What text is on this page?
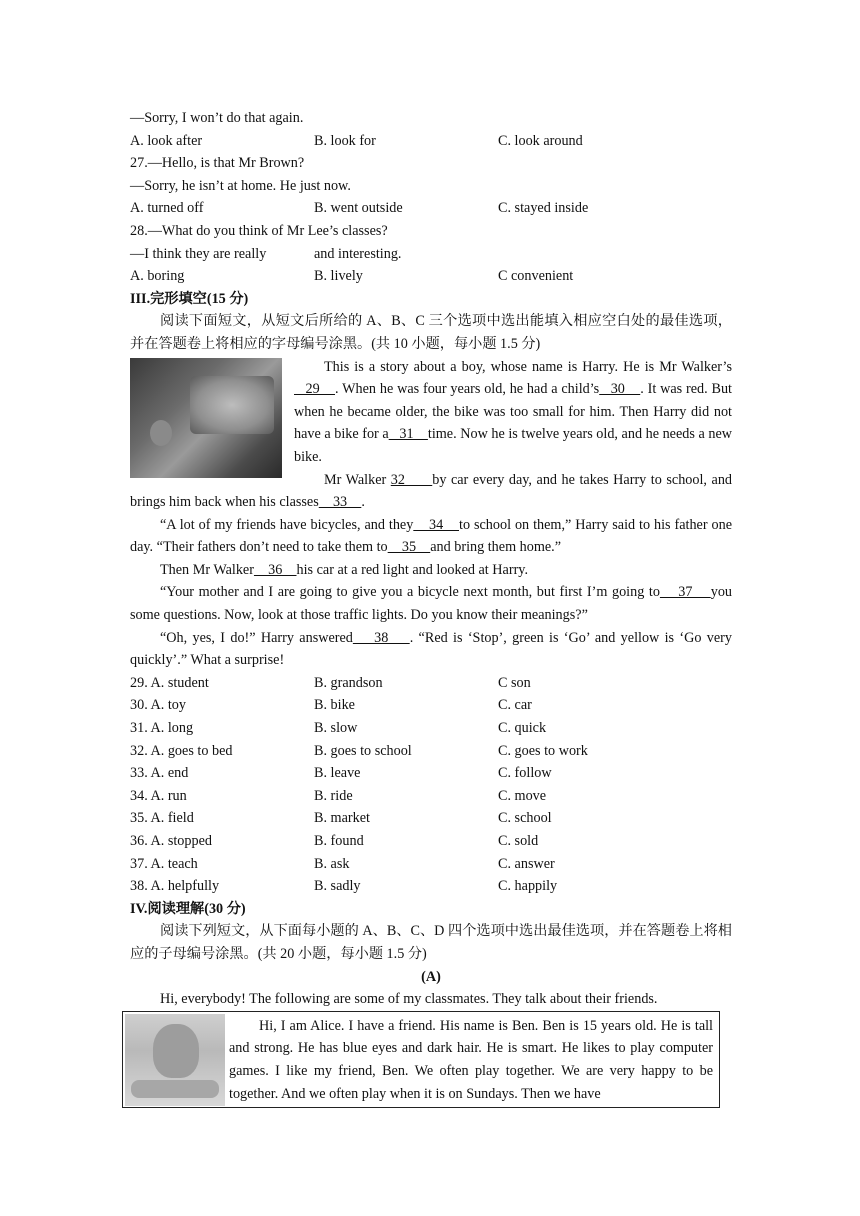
—Sorry, I won’t do that again.
A. look after	B. look for	C. look around
27.—Hello, is that Mr Brown?
—Sorry, he isn’t at home. He just now.
A. turned off	B. went outside	C. stayed inside
28.—What do you think of Mr Lee’s classes?
—I think they are really	and interesting.
A. boring	B. lively	C convenient
III.完形填空(15 分)
阅读下面短文，从短文后所给的 A、B、C 三个选项中选出能填入相应空白处的最佳选项，并在答题卷上将相应的字母编号涂黑。(共 10 小题，每小题 1.5 分)
This is a story about a boy, whose name is Harry. He is Mr Walker’s   29    . When he was four years old, he had a child’s   30    . It was red. But when he became older, the bike was too small for him. Then Harry did not have a bike for a   31    time. Now he is twelve years old, and he needs a new bike.
Mr Walker 32      by car every day, and he takes Harry to school, and brings him back when his classes    33    .
“A lot of my friends have bicycles, and they    34    to school on them,” Harry said to his father one day. “Their fathers don’t need to take them to    35    and bring them home.”
Then Mr Walker    36    his car at a red light and looked at Harry.
“Your mother and I are going to give you a bicycle next month, but first I’m going to    37    you some questions. Now, look at those traffic lights. Do you know their meanings?”
“Oh, yes, I do!” Harry answered    38    . “Red is ‘Stop’, green is ‘Go’ and yellow is ‘Go very quickly’.” What a surprise!
29. A. student	B. grandson	C son
30. A. toy	B. bike	C. car
31. A. long	B. slow	C. quick
32. A. goes to bed	B. goes to school	C. goes to work
33. A. end	B. leave	C. follow
34. A. run	B. ride	C. move
35. A. field	B. market	C. school
36. A. stopped	B. found	C. sold
37. A. teach	B. ask	C. answer
38. A. helpfully	B. sadly	C. happily
IV.阅读理解(30 分)
阅读下列短文，从下面每小题的 A、B、C、D 四个选项中选出最佳选项，并在答题卷上将相应的子母编号涂黑。(共 20 小题，每小题 1.5 分)
(A)
Hi, everybody! The following are some of my classmates. They talk about their friends.
Hi, I am Alice. I have a friend. His name is Ben. Ben is 15 years old. He is tall and strong. He has blue eyes and dark hair. He is smart. He likes to play computer games. I like my friend, Ben. We often play together. We are very happy to be together. And we often play when it is on Sundays. Then we have
